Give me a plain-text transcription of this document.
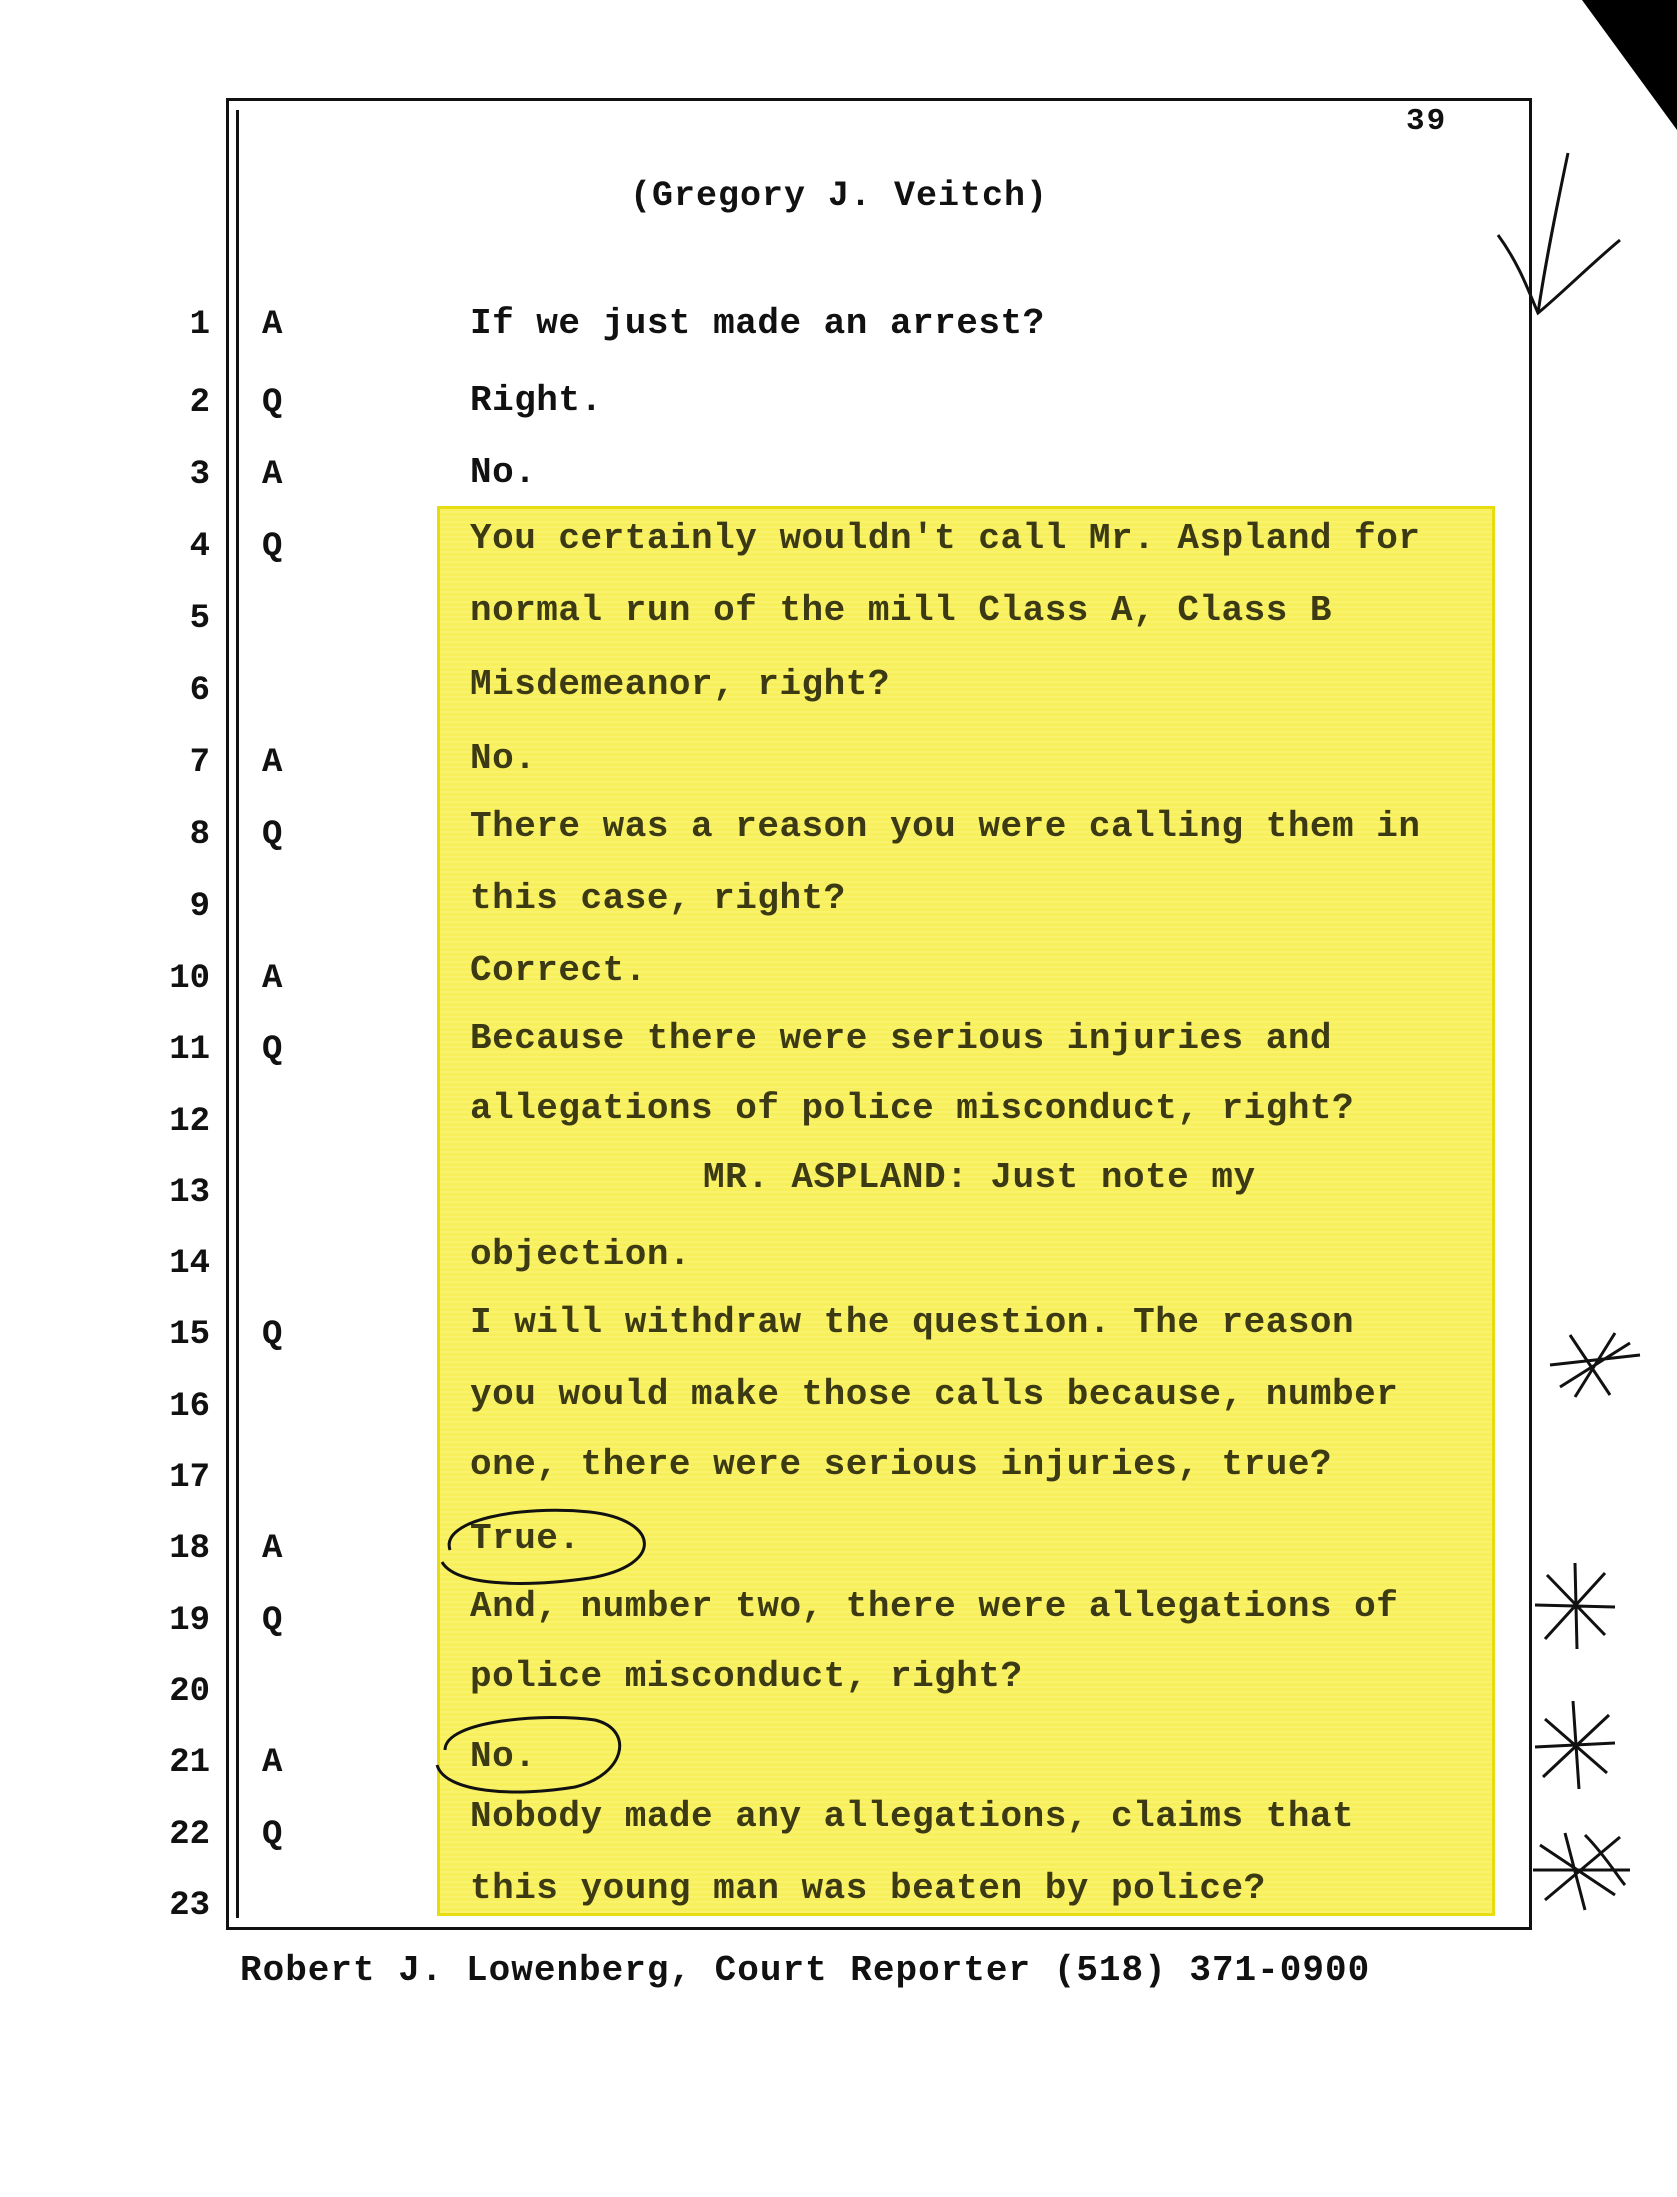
39
(Gregory J. Veitch)
1 A	If we just made an arrest?
2 Q	Right.
3 A	No.
4 Q	You certainly wouldn't call Mr. Aspland for
5	normal run of the mill Class A, Class B
6	Misdemeanor, right?
7 A	No.
8 Q	There was a reason you were calling them in
9	this case, right?
10 A	Correct.
11 Q	Because there were serious injuries and
12	allegations of police misconduct, right?
13	MR. ASPLAND: Just note my
14	objection.
15 Q	I will withdraw the question. The reason
16	you would make those calls because, number
17	one, there were serious injuries, true?
18 A	True.
19 Q	And, number two, there were allegations of
20	police misconduct, right?
21 A	No.
22 Q	Nobody made any allegations, claims that
23	this young man was beaten by police?
Robert J. Lowenberg, Court Reporter (518) 371-0900
